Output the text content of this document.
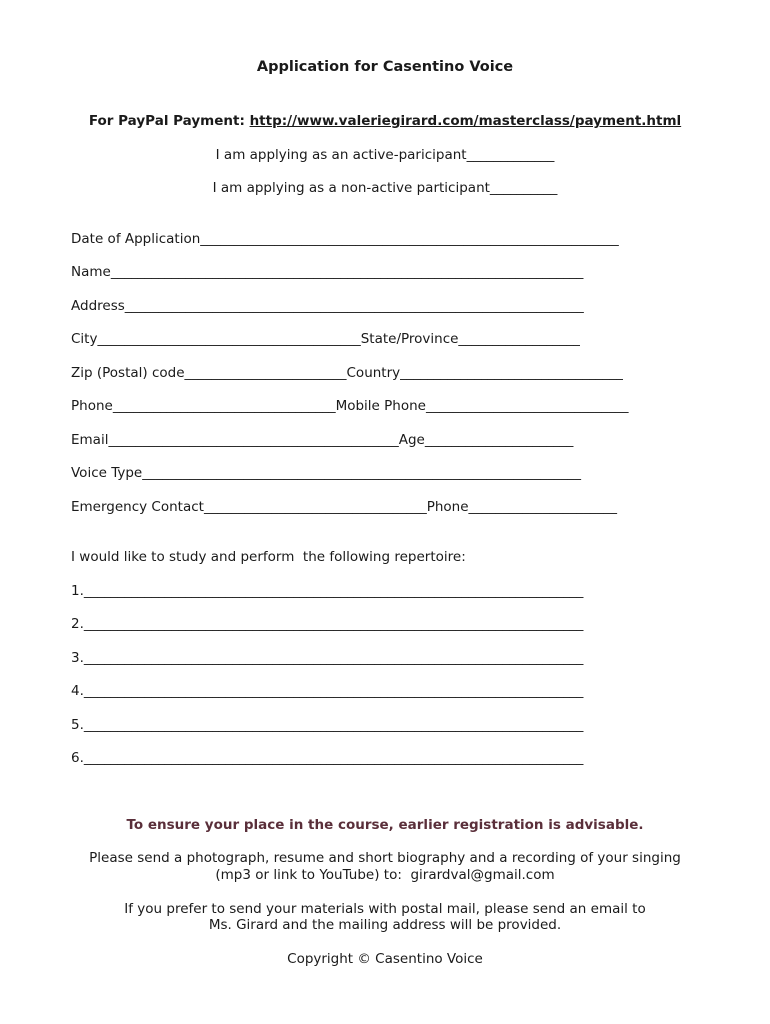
Application for Casentino Voice
For PayPal Payment: http://www.valeriegirard.com/masterclass/payment.html
I am applying as an active-paricipant_____________
I am applying as a non-active participant__________
Date of Application______________________________________________________________
Name______________________________________________________________________
Address____________________________________________________________________
City_______________________________________State/Province__________________
Zip (Postal) code________________________Country_________________________________
Phone_________________________________Mobile Phone______________________________
Email___________________________________________Age______________________
Voice Type_________________________________________________________________
Emergency Contact_________________________________Phone______________________
I would like to study and perform  the following repertoire:
1.__________________________________________________________________________
2.__________________________________________________________________________
3.__________________________________________________________________________
4.__________________________________________________________________________
5.__________________________________________________________________________
6.__________________________________________________________________________
To ensure your place in the course, earlier registration is advisable.
Please send a photograph, resume and short biography and a recording of your singing
(mp3 or link to YouTube) to:  girardval@gmail.com
If you prefer to send your materials with postal mail, please send an email to
Ms. Girard and the mailing address will be provided.
Copyright © Casentino Voice
